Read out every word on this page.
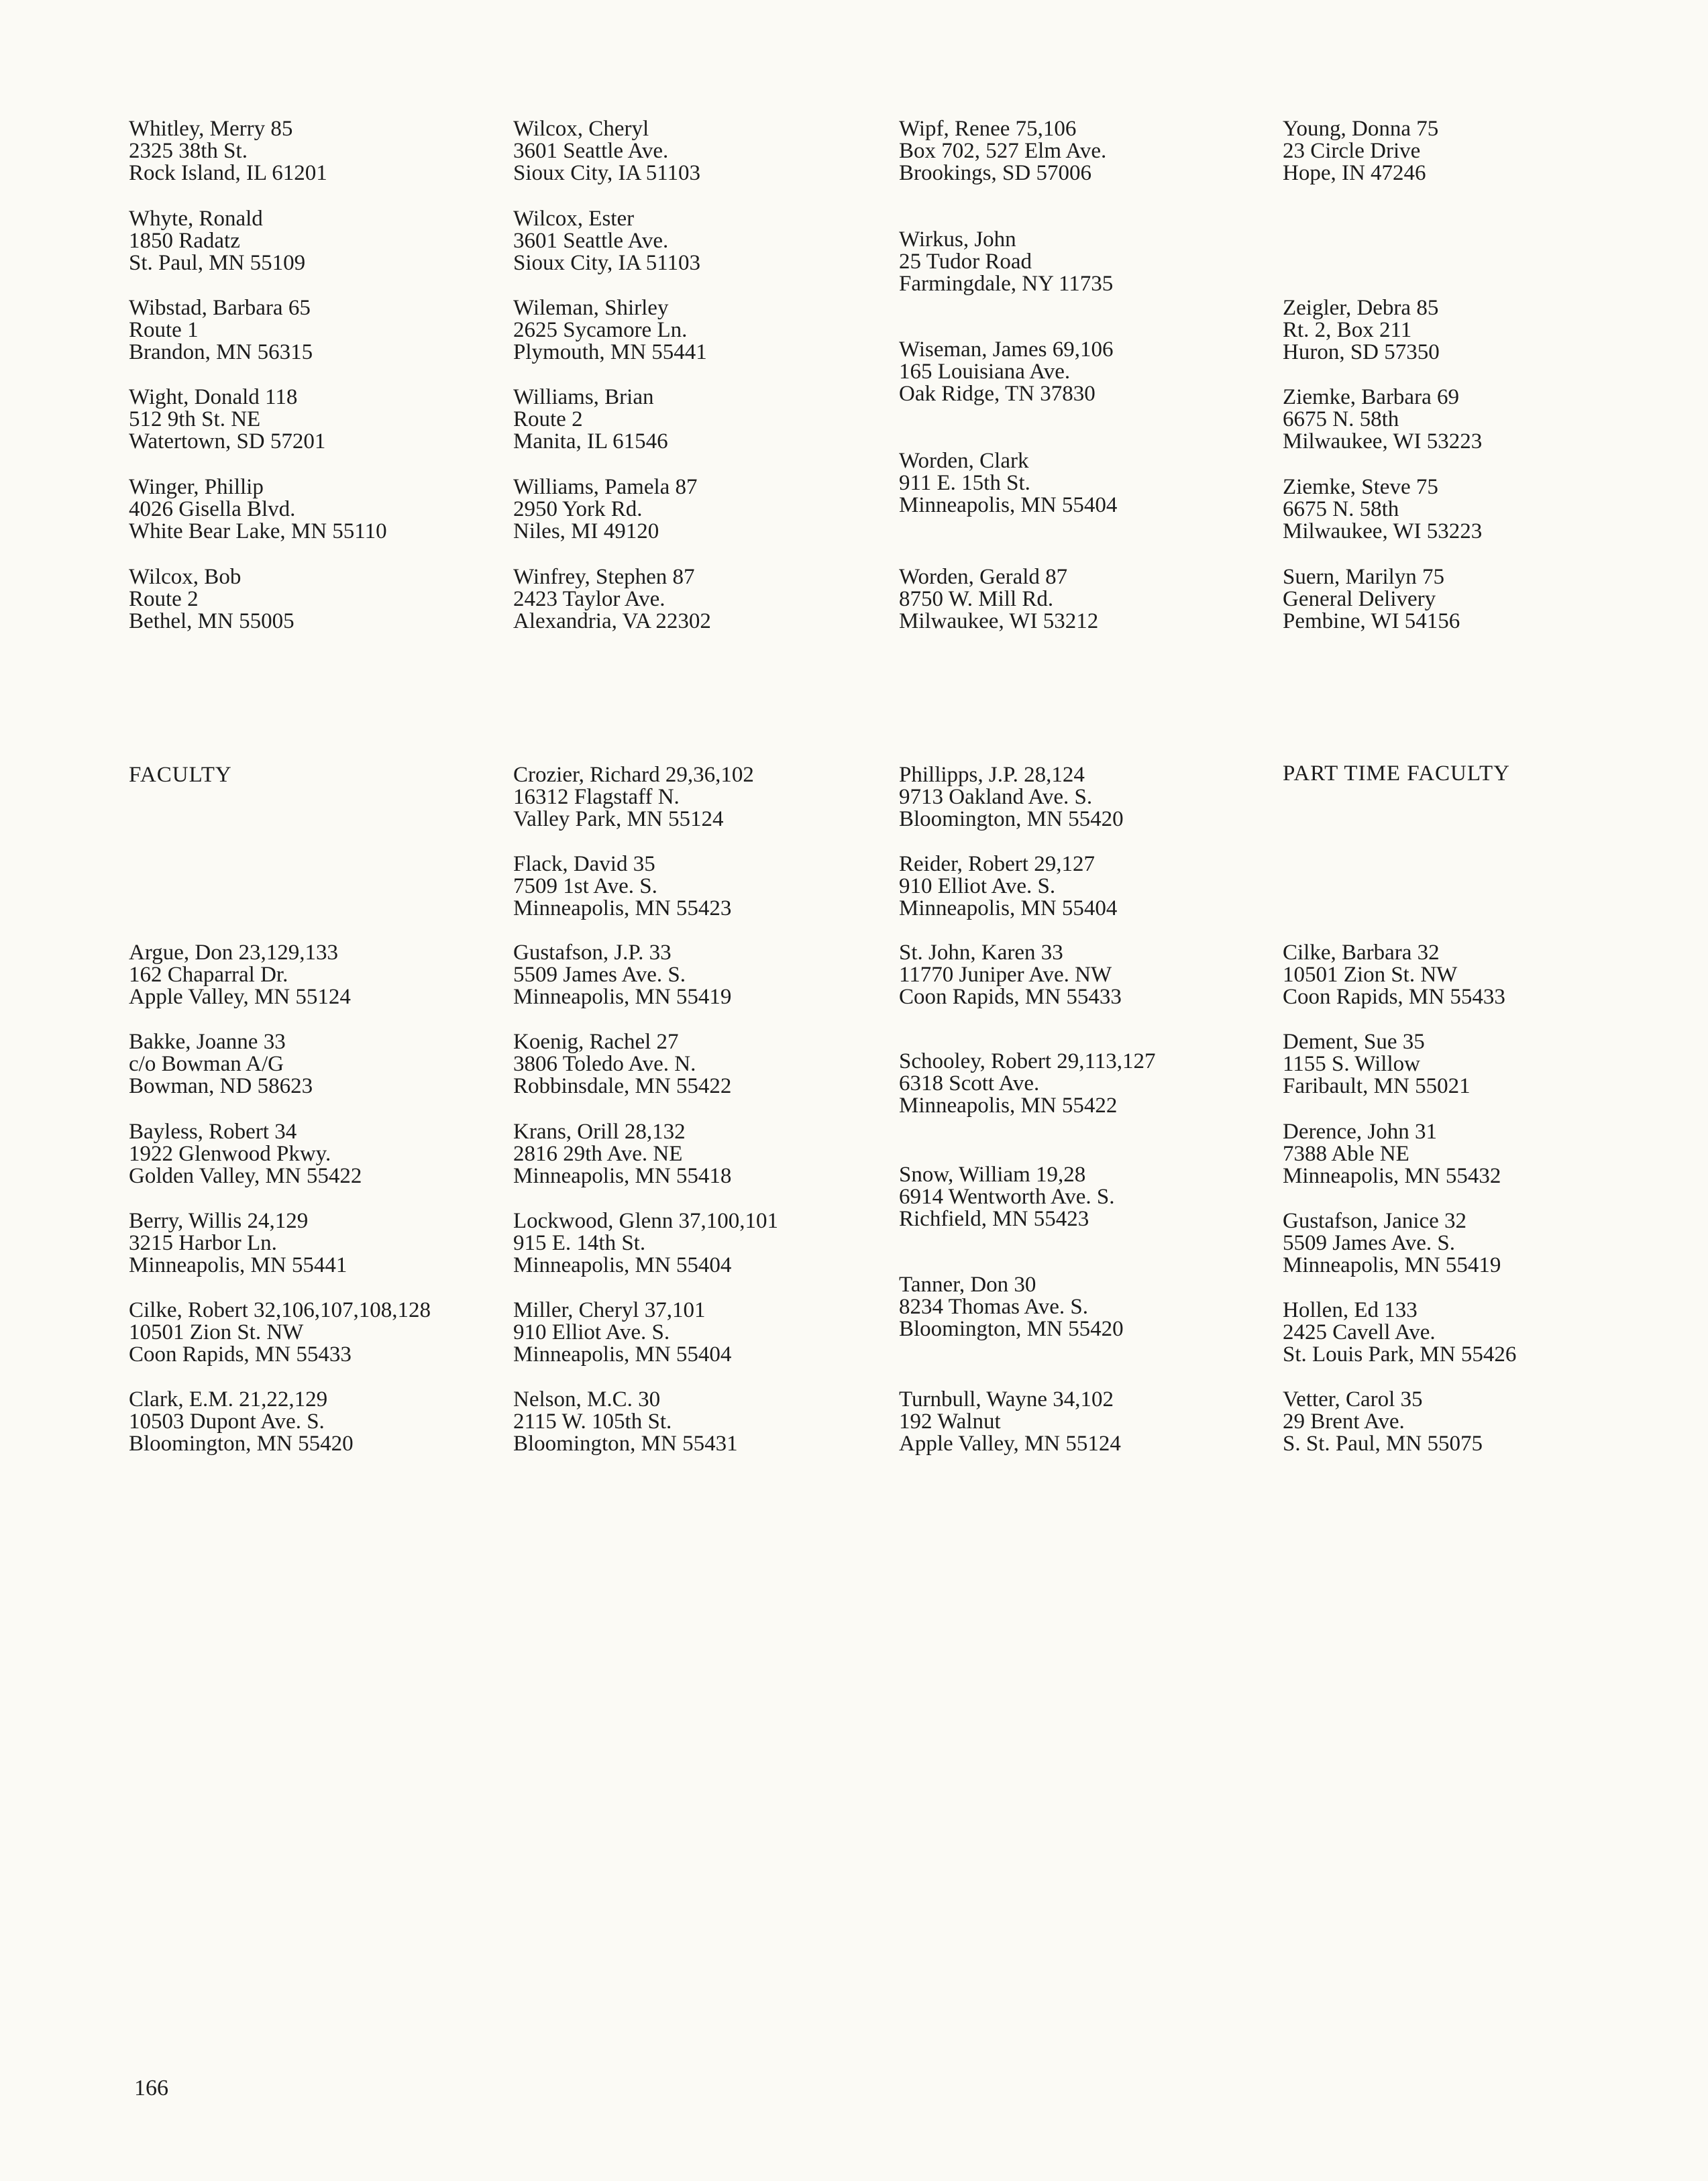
Whitley, Merry 85
2325 38th St.
Rock Island, IL 61201
Whyte, Ronald
1850 Radatz
St. Paul, MN 55109
Wibstad, Barbara 65
Route 1
Brandon, MN 56315
Wight, Donald 118
512 9th St. NE
Watertown, SD 57201
Winger, Phillip
4026 Gisella Blvd.
White Bear Lake, MN 55110
Wilcox, Bob
Route 2
Bethel, MN 55005
Wilcox, Cheryl
3601 Seattle Ave.
Sioux City, IA 51103
Wilcox, Ester
3601 Seattle Ave.
Sioux City, IA 51103
Wileman, Shirley
2625 Sycamore Ln.
Plymouth, MN 55441
Williams, Brian
Route 2
Manita, IL 61546
Williams, Pamela 87
2950 York Rd.
Niles, MI 49120
Winfrey, Stephen 87
2423 Taylor Ave.
Alexandria, VA 22302
Wipf, Renee 75,106
Box 702, 527 Elm Ave.
Brookings, SD 57006
Wirkus, John
25 Tudor Road
Farmingdale, NY 11735
Wiseman, James 69,106
165 Louisiana Ave.
Oak Ridge, TN 37830
Worden, Clark
911 E. 15th St.
Minneapolis, MN 55404
Worden, Gerald 87
8750 W. Mill Rd.
Milwaukee, WI 53212
Young, Donna 75
23 Circle Drive
Hope, IN 47246
Zeigler, Debra 85
Rt. 2, Box 211
Huron, SD 57350
Ziemke, Barbara 69
6675 N. 58th
Milwaukee, WI 53223
Ziemke, Steve 75
6675 N. 58th
Milwaukee, WI 53223
Suern, Marilyn 75
General Delivery
Pembine, WI 54156
FACULTY
Argue, Don 23,129,133
162 Chaparral Dr.
Apple Valley, MN 55124
Bakke, Joanne 33
c/o Bowman A/G
Bowman, ND 58623
Bayless, Robert 34
1922 Glenwood Pkwy.
Golden Valley, MN 55422
Berry, Willis 24,129
3215 Harbor Ln.
Minneapolis, MN 55441
Cilke, Robert 32,106,107,108,128
10501 Zion St. NW
Coon Rapids, MN 55433
Clark, E.M. 21,22,129
10503 Dupont Ave. S.
Bloomington, MN 55420
Crozier, Richard 29,36,102
16312 Flagstaff N.
Valley Park, MN 55124
Flack, David 35
7509 1st Ave. S.
Minneapolis, MN 55423
Gustafson, J.P. 33
5509 James Ave. S.
Minneapolis, MN 55419
Koenig, Rachel 27
3806 Toledo Ave. N.
Robbinsdale, MN 55422
Krans, Orill 28,132
2816 29th Ave. NE
Minneapolis, MN 55418
Lockwood, Glenn 37,100,101
915 E. 14th St.
Minneapolis, MN 55404
Miller, Cheryl 37,101
910 Elliot Ave. S.
Minneapolis, MN 55404
Nelson, M.C. 30
2115 W. 105th St.
Bloomington, MN 55431
Phillipps, J.P. 28,124
9713 Oakland Ave. S.
Bloomington, MN 55420
Reider, Robert 29,127
910 Elliot Ave. S.
Minneapolis, MN 55404
St. John, Karen 33
11770 Juniper Ave. NW
Coon Rapids, MN 55433
Schooley, Robert 29,113,127
6318 Scott Ave.
Minneapolis, MN 55422
Snow, William 19,28
6914 Wentworth Ave. S.
Richfield, MN 55423
Tanner, Don 30
8234 Thomas Ave. S.
Bloomington, MN 55420
Turnbull, Wayne 34,102
192 Walnut
Apple Valley, MN 55124
PART TIME FACULTY
Cilke, Barbara 32
10501 Zion St. NW
Coon Rapids, MN 55433
Dement, Sue 35
1155 S. Willow
Faribault, MN 55021
Derence, John 31
7388 Able NE
Minneapolis, MN 55432
Gustafson, Janice 32
5509 James Ave. S.
Minneapolis, MN 55419
Hollen, Ed 133
2425 Cavell Ave.
St. Louis Park, MN 55426
Vetter, Carol 35
29 Brent Ave.
S. St. Paul, MN 55075
166
